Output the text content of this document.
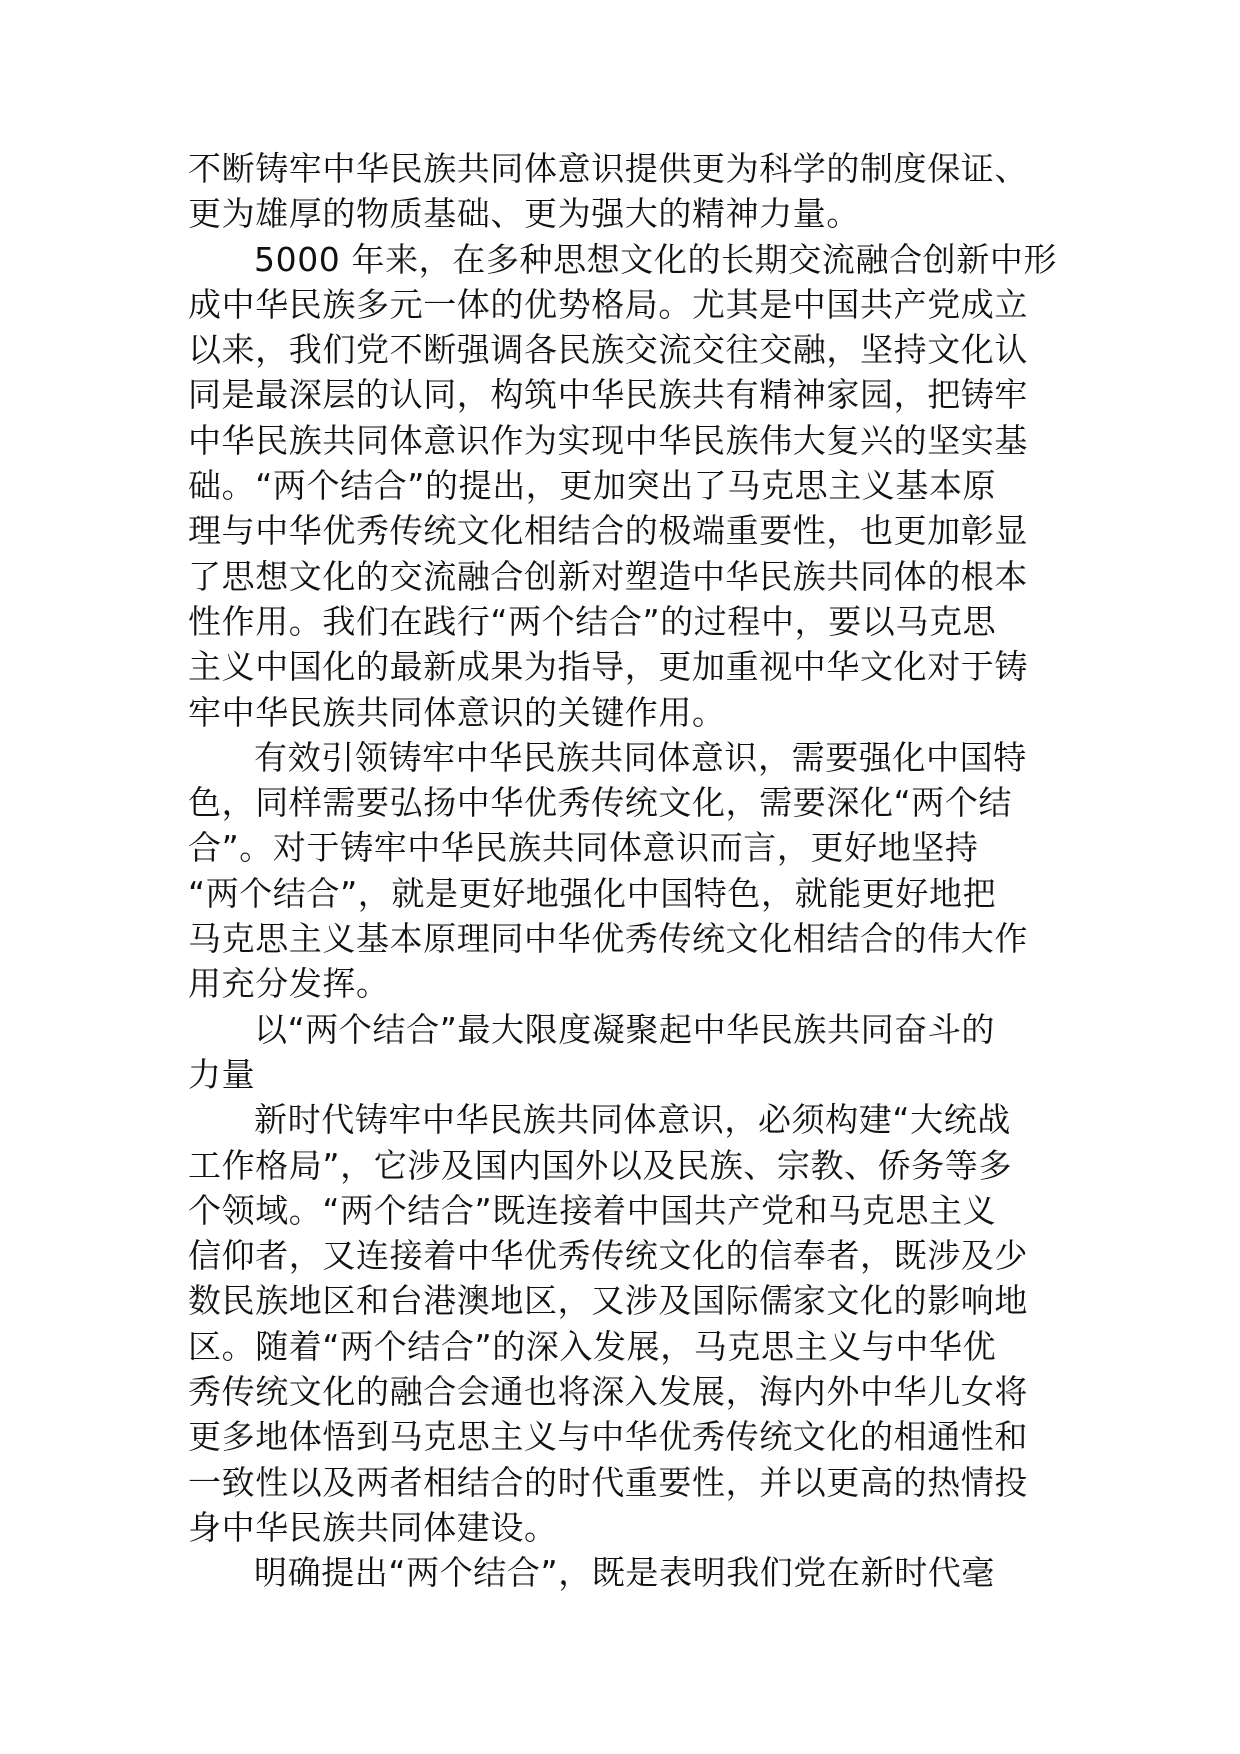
不断铸牢中华民族共同体意识提供更为科学的制度保证、
更为雄厚的物质基础、更为强大的精神力量。
5000 年来，在多种思想文化的长期交流融合创新中形
成中华民族多元一体的优势格局。尤其是中国共产党成立
以来，我们党不断强调各民族交流交往交融，坚持文化认
同是最深层的认同，构筑中华民族共有精神家园，把铸牢
中华民族共同体意识作为实现中华民族伟大复兴的坚实基
础。“两个结合”的提出，更加突出了马克思主义基本原
理与中华优秀传统文化相结合的极端重要性，也更加彰显
了思想文化的交流融合创新对塑造中华民族共同体的根本
性作用。我们在践行“两个结合”的过程中，要以马克思
主义中国化的最新成果为指导，更加重视中华文化对于铸
牢中华民族共同体意识的关键作用。
有效引领铸牢中华民族共同体意识，需要强化中国特
色，同样需要弘扬中华优秀传统文化，需要深化“两个结
合”。对于铸牢中华民族共同体意识而言，更好地坚持
“两个结合”，就是更好地强化中国特色，就能更好地把
马克思主义基本原理同中华优秀传统文化相结合的伟大作
用充分发挥。
以“两个结合”最大限度凝聚起中华民族共同奋斗的
力量
新时代铸牢中华民族共同体意识，必须构建“大统战
工作格局”，它涉及国内国外以及民族、宗教、侨务等多
个领域。“两个结合”既连接着中国共产党和马克思主义
信仰者，又连接着中华优秀传统文化的信奉者，既涉及少
数民族地区和台港澳地区，又涉及国际儒家文化的影响地
区。随着“两个结合”的深入发展，马克思主义与中华优
秀传统文化的融合会通也将深入发展，海内外中华儿女将
更多地体悟到马克思主义与中华优秀传统文化的相通性和
一致性以及两者相结合的时代重要性，并以更高的热情投
身中华民族共同体建设。
明确提出“两个结合”，既是表明我们党在新时代毫
